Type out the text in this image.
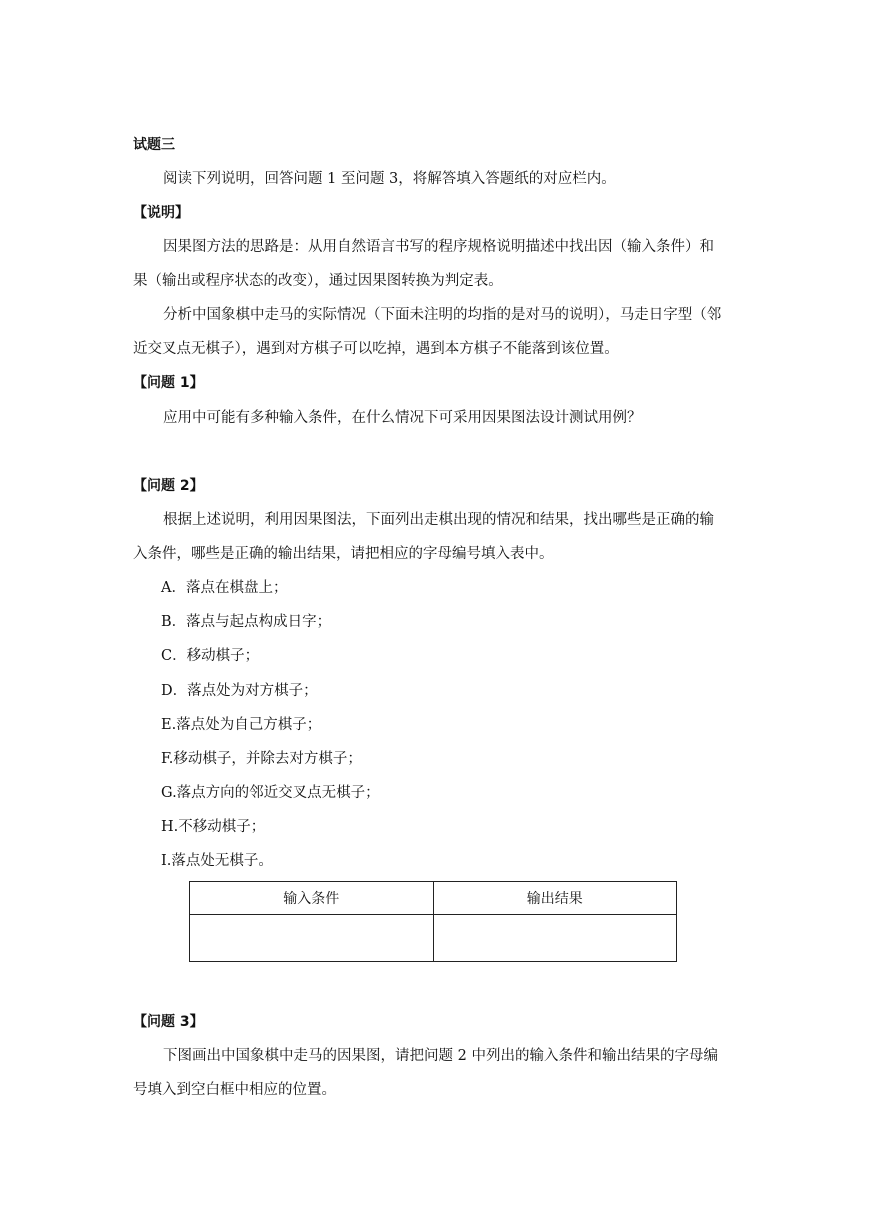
试题三
阅读下列说明，回答问题 1 至问题 3，将解答填入答题纸的对应栏内。
【说明】
因果图方法的思路是：从用自然语言书写的程序规格说明描述中找出因（输入条件）和
果（输出或程序状态的改变），通过因果图转换为判定表。
分析中国象棋中走马的实际情况（下面未注明的均指的是对马的说明），马走日字型（邻
近交叉点无棋子），遇到对方棋子可以吃掉，遇到本方棋子不能落到该位置。
【问题 1】
应用中可能有多种输入条件，在什么情况下可采用因果图法设计测试用例？
【问题 2】
根据上述说明，利用因果图法，下面列出走棋出现的情况和结果，找出哪些是正确的输
入条件，哪些是正确的输出结果，请把相应的字母编号填入表中。
A．落点在棋盘上；
B．落点与起点构成日字；
C．移动棋子；
D．落点处为对方棋子；
E.落点处为自己方棋子；
F.移动棋子，并除去对方棋子；
G.落点方向的邻近交叉点无棋子；
H.不移动棋子；
I.落点处无棋子。
输入条件	输出结果

【问题 3】
下图画出中国象棋中走马的因果图，请把问题 2 中列出的输入条件和输出结果的字母编
号填入到空白框中相应的位置。
